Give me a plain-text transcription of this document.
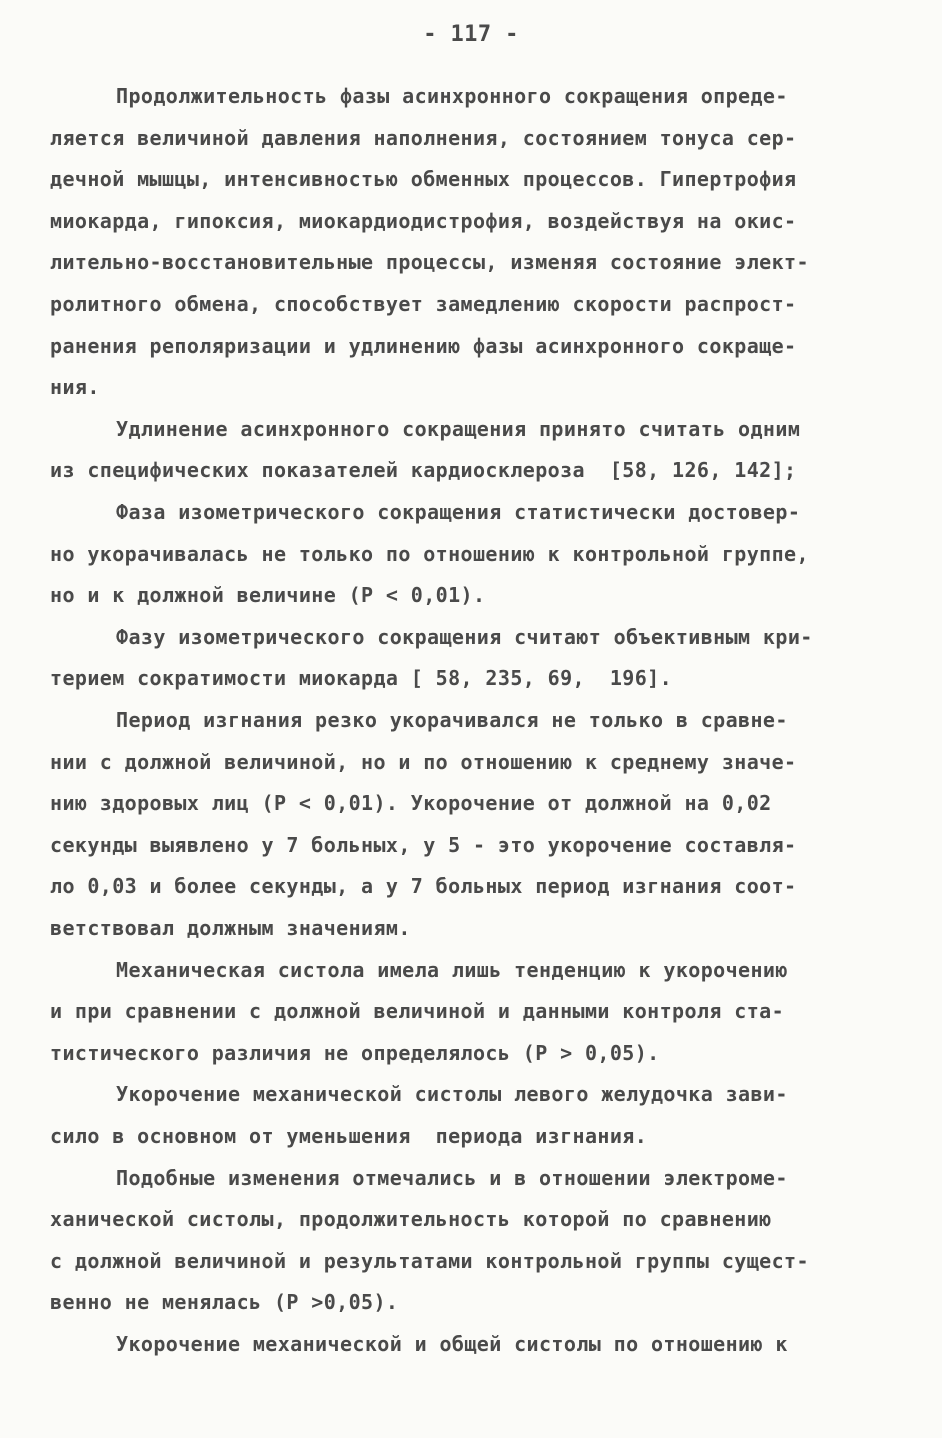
- 117 -
Продолжительность фазы асинхронного сокращения опреде-
ляется величиной давления наполнения, состоянием тонуса сер-
дечной мышцы, интенсивностью обменных процессов. Гипертрофия
миокарда, гипоксия, миокардиодистрофия, воздействуя на окис-
лительно-восстановительные процессы, изменяя состояние элект-
ролитного обмена, способствует замедлению скорости распрост-
ранения реполяризации и удлинению фазы асинхронного сокраще-
ния.
Удлинение асинхронного сокращения принято считать одним
из специфических показателей кардиосклероза  [58, 126, 142];
Фаза изометрического сокращения статистически достовер-
но укорачивалась не только по отношению к контрольной группе,
но и к должной величине (Р < 0,01).
Фазу изометрического сокращения считают объективным кри-
терием сократимости миокарда [ 58, 235, 69,  196].
Период изгнания резко укорачивался не только в сравне-
нии с должной величиной, но и по отношению к среднему значе-
нию здоровых лиц (Р < 0,01). Укорочение от должной на 0,02
секунды выявлено у 7 больных, у 5 - это укорочение составля-
ло 0,03 и более секунды, а у 7 больных период изгнания соот-
ветствовал должным значениям.
Механическая систола имела лишь тенденцию к укорочению
и при сравнении с должной величиной и данными контроля ста-
тистического различия не определялось (Р > 0,05).
Укорочение механической систолы левого желудочка зави-
сило в основном от уменьшения  периода изгнания.
Подобные изменения отмечались и в отношении электроме-
ханической систолы, продолжительность которой по сравнению
с должной величиной и результатами контрольной группы сущест-
венно не менялась (Р >0,05).
Укорочение механической и общей систолы по отношению к
